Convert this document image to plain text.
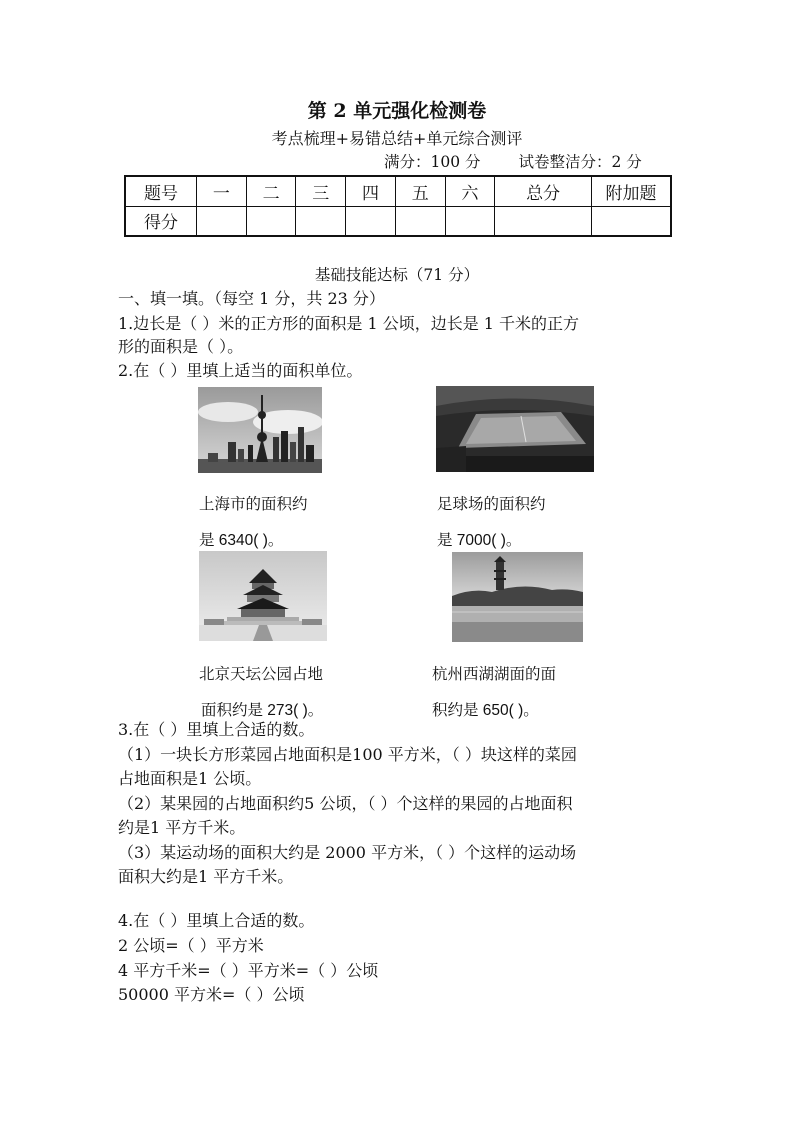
第 2 单元强化检测卷
考点梳理+易错总结+单元综合测评
满分：100 分 试卷整洁分：2 分
题号	一	二	三	四	五	六	总分	附加题
得分								
基础技能达标（71 分）
一、填一填。（每空 1 分，共 23 分）
1.边长是（ ）米的正方形的面积是 1 公顷，边长是 1 千米的正方
形的面积是（ ）。
2.在（ ）里填上适当的面积单位。
上海市的面积约
是 6340( )。
足球场的面积约
是 7000( )。
北京天坛公园占地
面积约是 273( )。
杭州西湖湖面的面
积约是 650( )。
3.在（ ）里填上合适的数。
（1）一块长方形菜园占地面积是100 平方米，（ ）块这样的菜园
占地面积是1 公顷。
（2）某果园的占地面积约5 公顷，（ ）个这样的果园的占地面积
约是1 平方千米。
（3）某运动场的面积大约是 2000 平方米，（ ）个这样的运动场
面积大约是1 平方千米。
4.在（ ）里填上合适的数。
2 公顷=（ ）平方米
4 平方千米=（ ）平方米=（ ）公顷
50000 平方米=（ ）公顷
